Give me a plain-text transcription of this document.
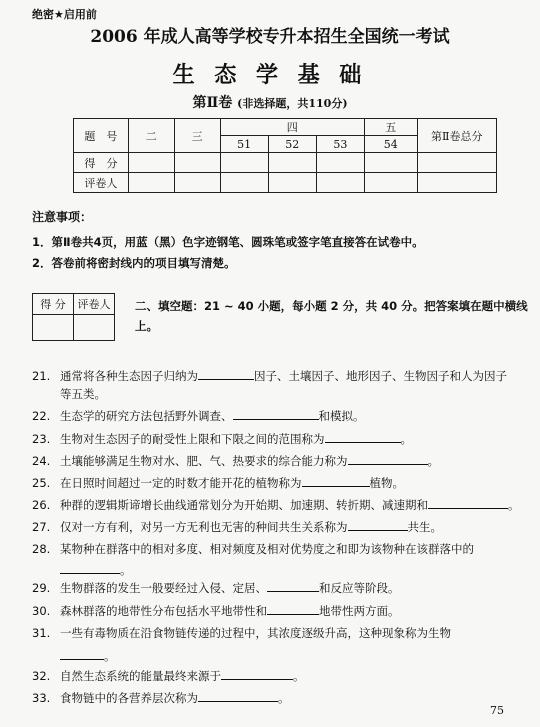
绝密★启用前
2006 年成人高等学校专升本招生全国统一考试
生 态 学 基 础
第Ⅱ卷 (非选择题，共110分)
题　号	二	三	四			五	第Ⅱ卷总分
			51	52	53	54	
得　分							
评卷人							
注意事项：
1．第Ⅱ卷共4页，用蓝（黑）色字迹钢笔、圆珠笔或签字笔直接答在试卷中。
2．答卷前将密封线内的项目填写清楚。
得 分	评卷人
	二、填空题：21 ~ 40 小题，每小题 2 分，共 40 分。把答案填在题中横线上。
21. 通常将各种生态因子归纳为	因子、土壤因子、地形因子、生物因子和人为因子
等五类。
22. 生态学的研究方法包括野外调查、	和模拟。
23. 生物对生态因子的耐受性上限和下限之间的范围称为	。
24. 土壤能够满足生物对水、肥、气、热要求的综合能力称为	。
25. 在日照时间超过一定的时数才能开花的植物称为	植物。
26. 种群的逻辑斯谛增长曲线通常划分为开始期、加速期、转折期、减速期和	。
27. 仅对一方有利，对另一方无利也无害的种间共生关系称为	共生。
28. 某物种在群落中的相对多度、相对频度及相对优势度之和即为该物种在该群落中的
。
29. 生物群落的发生一般要经过入侵、定居、	和反应等阶段。
30. 森林群落的地带性分布包括水平地带性和	地带性两方面。
31. 一些有毒物质在沿食物链传递的过程中，其浓度逐级升高，这种现象称为生物
。
32. 自然生态系统的能量最终来源于	。
33. 食物链中的各营养层次称为	。
75
